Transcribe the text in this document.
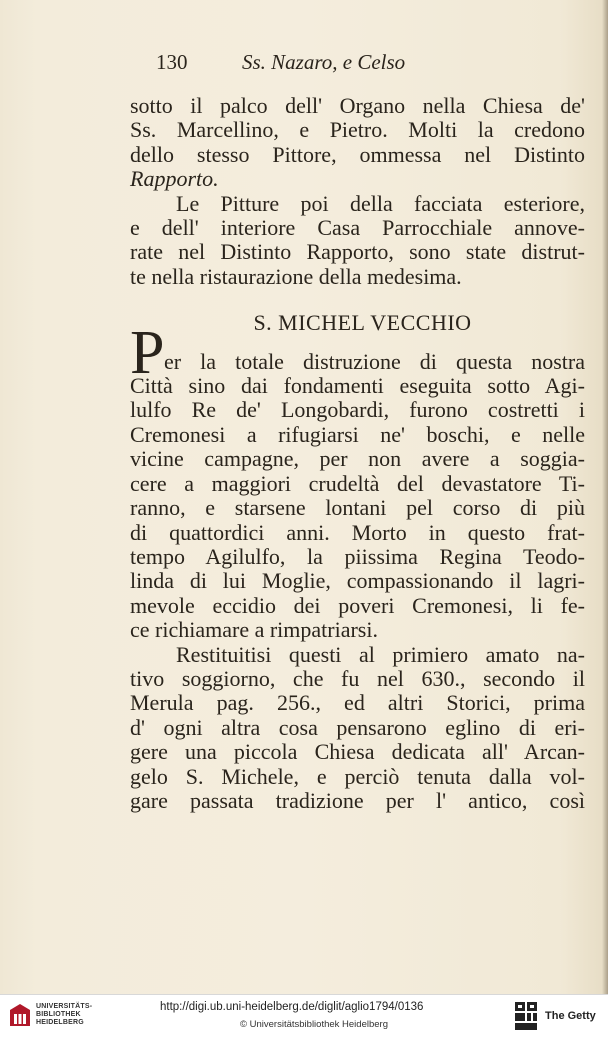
130	Ss. Nazaro, e Celso
sotto il palco dell' Organo nella Chiesa de'
Ss. Marcellino, e Pietro. Molti la credono
dello stesso Pittore, ommessa nel Distinto
Rapporto.
Le Pitture poi della facciata esteriore,
e dell' interiore Casa Parrocchiale annove-
rate nel Distinto Rapporto, sono state distrut-
te nella ristaurazione della medesima.
S. MICHEL VECCHIO
P er la totale distruzione di questa nostra
Città sino dai fondamenti eseguita sotto Agi-
lulfo Re de' Longobardi, furono costretti i
Cremonesi a rifugiarsi ne' boschi, e nelle
vicine campagne, per non avere a soggia-
cere a maggiori crudeltà del devastatore Ti-
ranno, e starsene lontani pel corso di più
di quattordici anni. Morto in questo frat-
tempo Agilulfo, la piissima Regina Teodo-
linda di lui Moglie, compassionando il lagri-
mevole eccidio dei poveri Cremonesi, li fe-
ce richiamare a rimpatriarsi.
Restituitisi questi al primiero amato na-
tivo soggiorno, che fu nel 630., secondo il
Merula pag. 256., ed altri Storici, prima
d' ogni altra cosa pensarono eglino di eri-
gere una piccola Chiesa dedicata all' Arcan-
gelo S. Michele, e perciò tenuta dalla vol-
gare passata tradizione per l' antico, così
UNIVERSITÄTS-
BIBLIOTHEK
HEIDELBERG
http://digi.ub.uni-heidelberg.de/diglit/aglio1794/0136
© Universitätsbibliothek Heidelberg
The Getty
